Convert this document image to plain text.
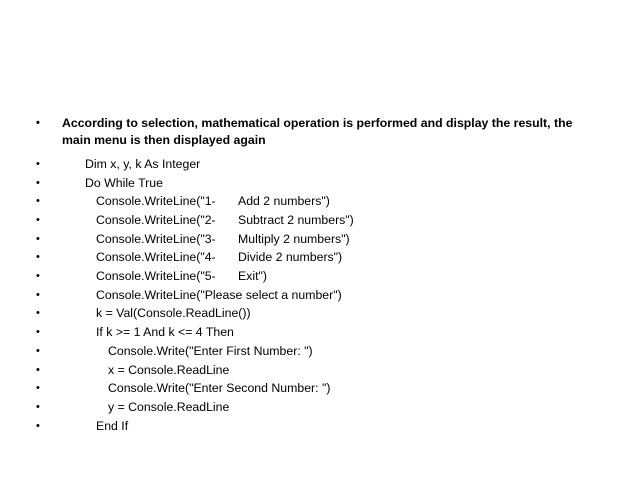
•	According to selection, mathematical operation is performed and display the result, the main menu is then displayed again
•	Dim x, y, k As Integer
•	Do While True
•	Console.WriteLine("1- Add 2 numbers")
•	Console.WriteLine("2- Subtract 2 numbers")
•	Console.WriteLine("3- Multiply 2 numbers")
•	Console.WriteLine("4- Divide 2 numbers")
•	Console.WriteLine("5- Exit")
•	Console.WriteLine("Please select a number")
•	k = Val(Console.ReadLine())
•	If k >= 1 And k <= 4 Then
•	Console.Write("Enter First Number: ")
•	x = Console.ReadLine
•	Console.Write("Enter Second Number: ")
•	y = Console.ReadLine
•	End If
